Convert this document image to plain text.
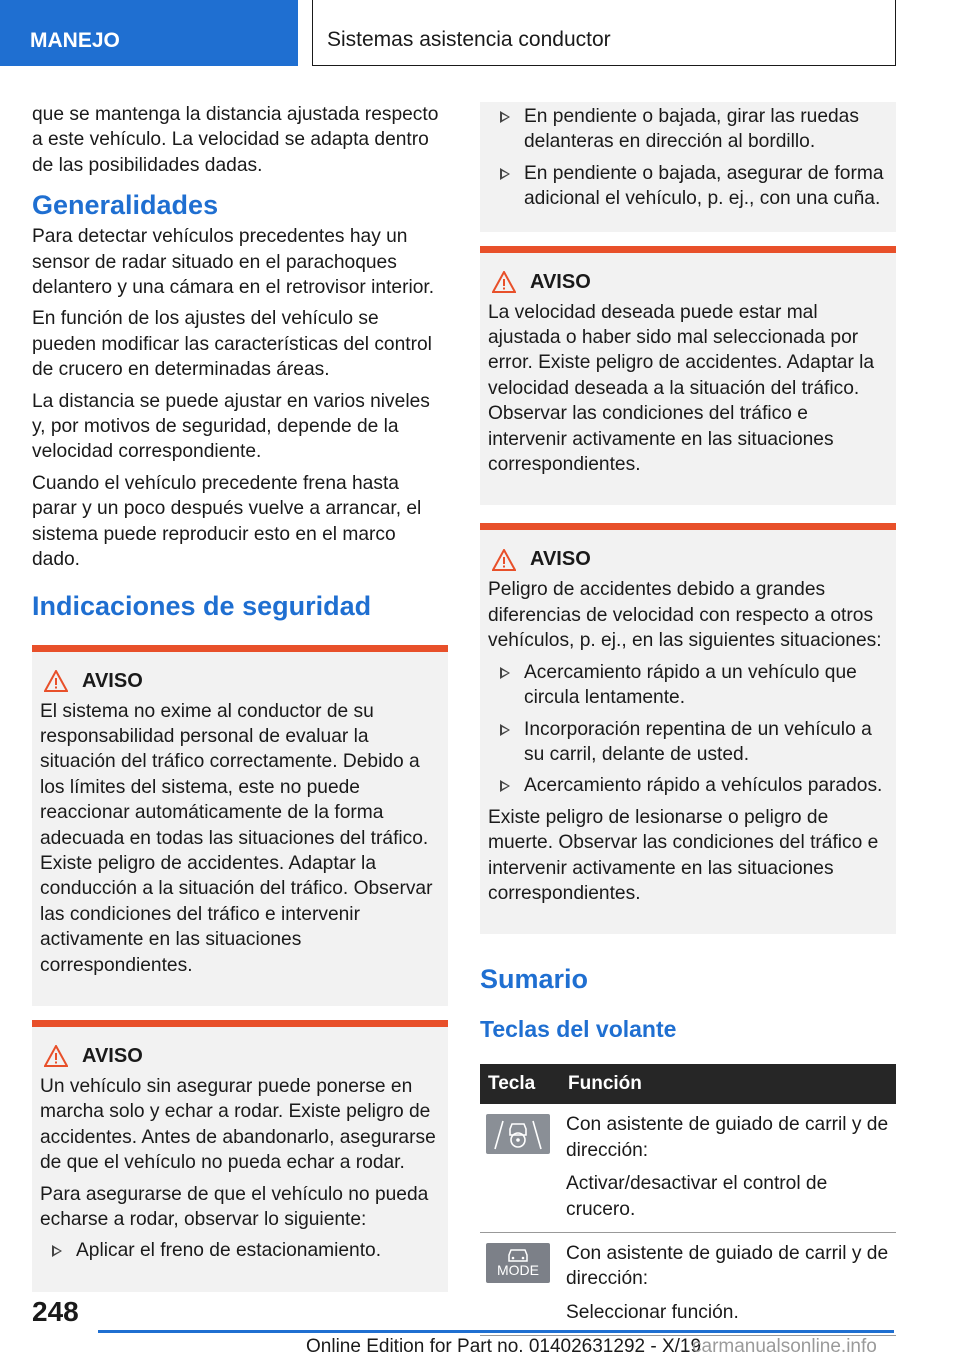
MANEJO	Sistemas asistencia conductor

que se mantenga la distancia ajustada respecto a este vehículo. La velocidad se adapta dentro de las posibilidades dadas.

Generalidades

Para detectar vehículos precedentes hay un sensor de radar situado en el parachoques delantero y una cámara en el retrovisor interior.

En función de los ajustes del vehículo se pueden modificar las características del control de crucero en determinadas áreas.

La distancia se puede ajustar en varios niveles y, por motivos de seguridad, depende de la velocidad correspondiente.

Cuando el vehículo precedente frena hasta parar y un poco después vuelve a arrancar, el sistema puede reproducir esto en el marco dado.

Indicaciones de seguridad
AVISO

El sistema no exime al conductor de su responsabilidad personal de evaluar la situación del tráfico correctamente. Debido a los límites del sistema, este no puede reaccionar automáticamente de la forma adecuada en todas las situaciones del tráfico. Existe peligro de accidentes. Adaptar la conducción a la situación del tráfico. Observar las condiciones del tráfico e intervenir activamente en las situaciones correspondientes.

AVISO

Un vehículo sin asegurar puede ponerse en marcha solo y echar a rodar. Existe peligro de accidentes. Antes de abandonarlo, asegurarse de que el vehículo no pueda echar a rodar.

Para asegurarse de que el vehículo no pueda echarse a rodar, observar lo siguiente:

Aplicar el freno de estacionamiento.
En pendiente o bajada, girar las ruedas delanteras en dirección al bordillo.
En pendiente o bajada, asegurar de forma adicional el vehículo, p. ej., con una cuña.
AVISO

La velocidad deseada puede estar mal ajustada o haber sido mal seleccionada por error. Existe peligro de accidentes. Adaptar la velocidad deseada a la situación del tráfico. Observar las condiciones del tráfico e intervenir activamente en las situaciones correspondientes.

AVISO

Peligro de accidentes debido a grandes diferencias de velocidad con respecto a otros vehículos, p. ej., en las siguientes situaciones:

Acercamiento rápido a un vehículo que circula lentamente.
Incorporación repentina de un vehículo a su carril, delante de usted.
Acercamiento rápido a vehículos parados.

Existe peligro de lesionarse o peligro de muerte. Observar las condiciones del tráfico e intervenir activamente en las situaciones correspondientes.

Sumario
Teclas del volante
Tecla	Función

Con asistente de guiado de carril y de dirección:

Activar/desactivar el control de crucero.

MODE	Con asistente de guiado de carril y de dirección:

Seleccionar función.

248
Online Edition for Part no. 01402631292 - X/19
carmanualsonline.info
